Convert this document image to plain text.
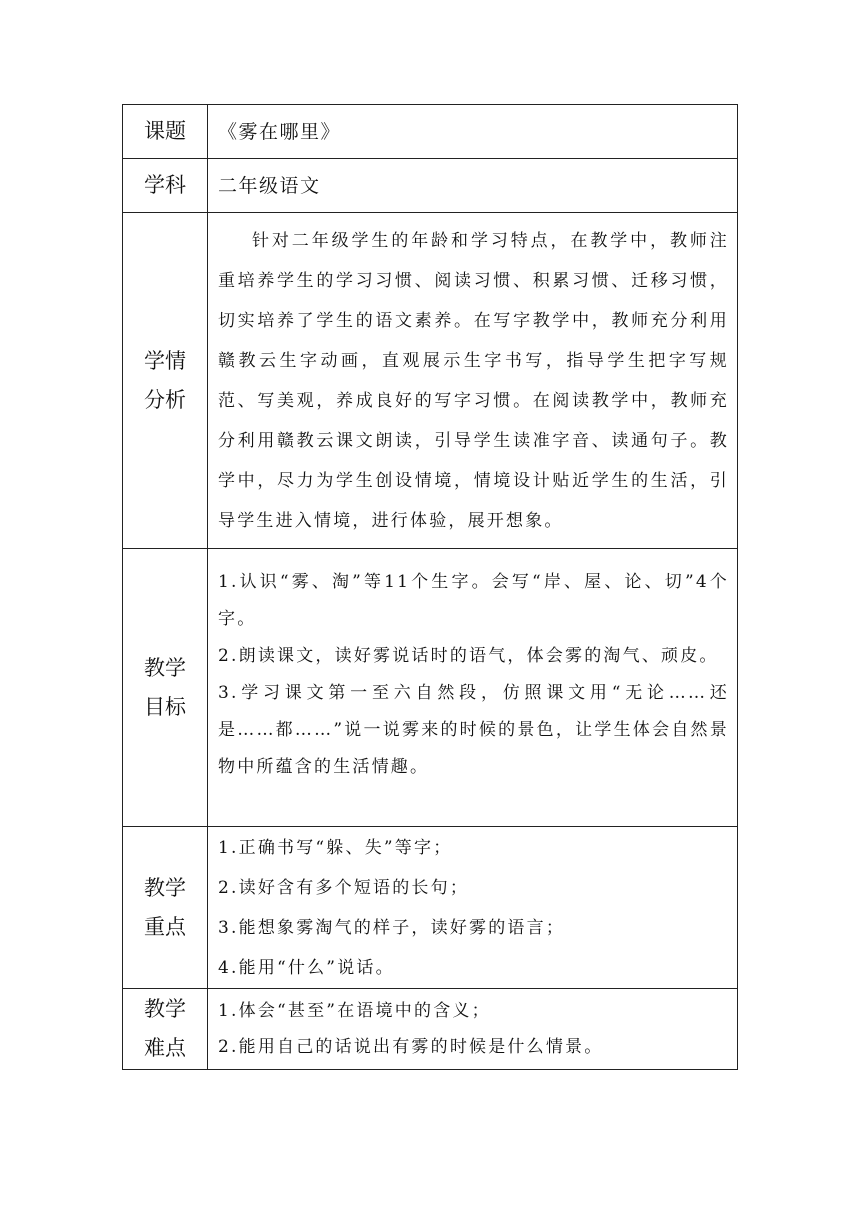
课题	《雾在哪里》

学科	二年级语文

学情分析	针对二年级学生的年龄和学习特点，在教学中，教师注重培养学生的学习习惯、阅读习惯、积累习惯、迁移习惯，切实培养了学生的语文素养。在写字教学中，教师充分利用赣教云生字动画，直观展示生字书写，指导学生把字写规范、写美观，养成良好的写字习惯。在阅读教学中，教师充分利用赣教云课文朗读，引导学生读准字音、读通句子。教学中，尽力为学生创设情境，情境设计贴近学生的生活，引导学生进入情境，进行体验，展开想象。

教学目标	1.认识“雾、淘”等11个生字。会写“岸、屋、论、切”4个字。

2.朗读课文，读好雾说话时的语气，体会雾的淘气、顽皮。

3.学习课文第一至六自然段，仿照课文用“无论……还是……都……”说一说雾来的时候的景色，让学生体会自然景物中所蕴含的生活情趣。

教学重点	1.正确书写“躲、失”等字；

2.读好含有多个短语的长句；

3.能想象雾淘气的样子，读好雾的语言；

4.能用“什么”说话。

教学难点	1.体会“甚至”在语境中的含义；

2.能用自己的话说出有雾的时候是什么情景。
